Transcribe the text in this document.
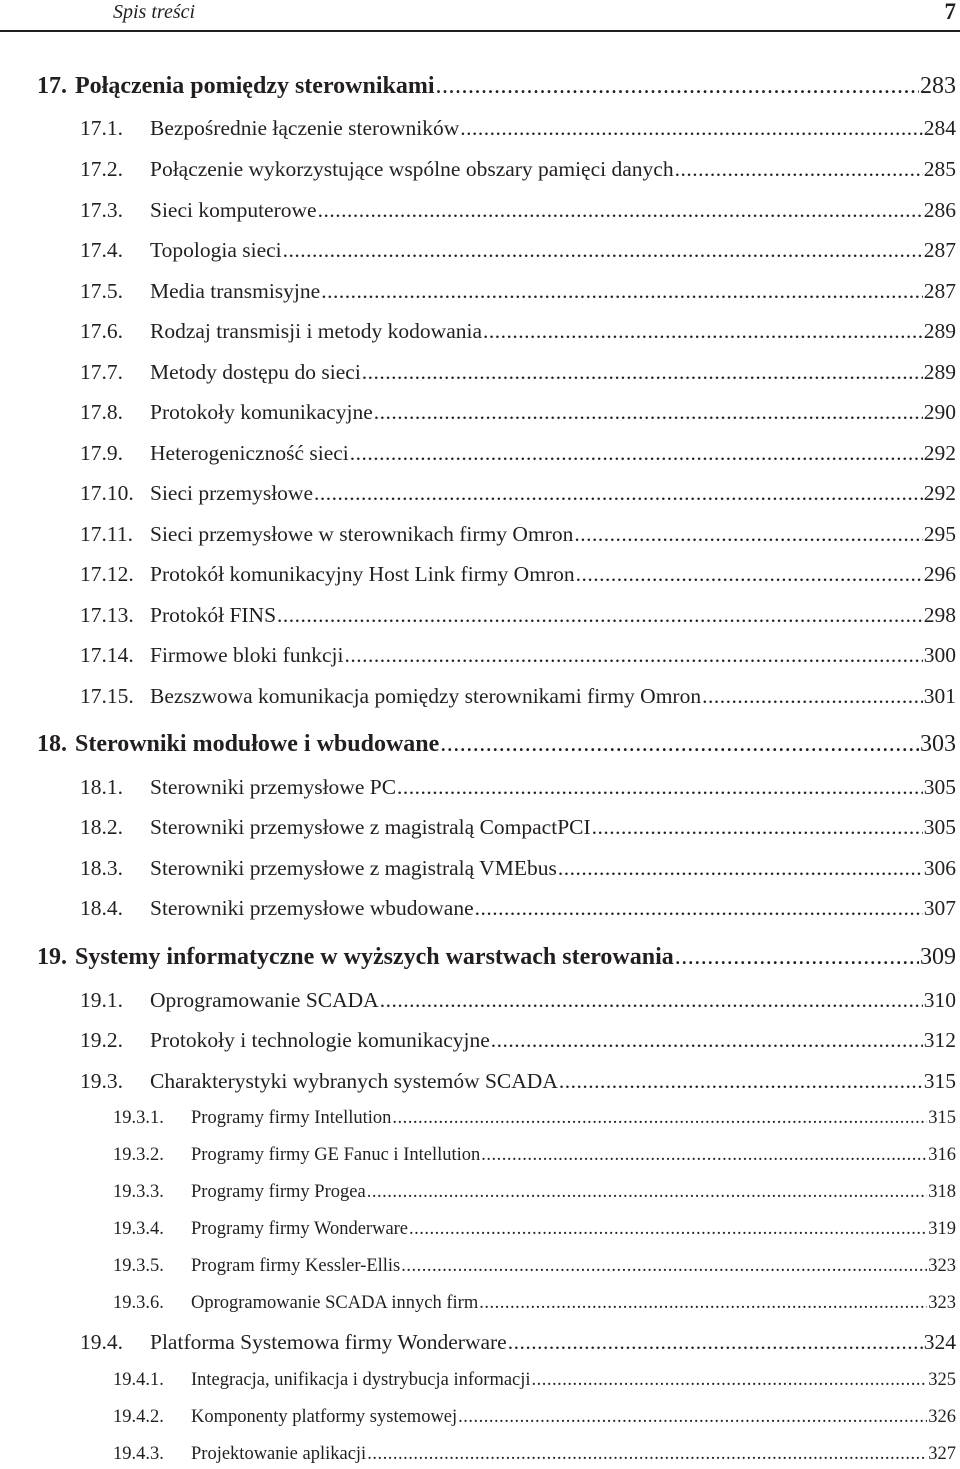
Spis treści	7
17. Połączenia pomiędzy sterownikami .....	283
17.1.	Bezpośrednie łączenie sterowników .....	284
17.2.	Połączenie wykorzystujące wspólne obszary pamięci danych .....	285
17.3.	Sieci komputerowe .....	286
17.4.	Topologia sieci .....	287
17.5.	Media transmisyjne .....	287
17.6.	Rodzaj transmisji i metody kodowania .....	289
17.7.	Metody dostępu do sieci .....	289
17.8.	Protokoły komunikacyjne .....	290
17.9.	Heterogeniczność sieci .....	292
17.10. Sieci przemysłowe .....	292
17.11. Sieci przemysłowe w sterownikach firmy Omron .....	295
17.12. Protokół komunikacyjny Host Link firmy Omron .....	296
17.13. Protokół FINS .....	298
17.14. Firmowe bloki funkcji .....	300
17.15. Bezszwowa komunikacja pomiędzy sterownikami firmy Omron .....	301
18. Sterowniki modułowe i wbudowane .....	303
18.1.	Sterowniki przemysłowe PC .....	305
18.2.	Sterowniki przemysłowe z magistralą CompactPCI .....	305
18.3.	Sterowniki przemysłowe z magistralą VMEbus .....	306
18.4.	Sterowniki przemysłowe wbudowane .....	307
19. Systemy informatyczne w wyższych warstwach sterowania .....	309
19.1.	Oprogramowanie SCADA .....	310
19.2.	Protokoły i technologie komunikacyjne .....	312
19.3.	Charakterystyki wybranych systemów SCADA .....	315
19.3.1.	Programy firmy Intellution .....	315
19.3.2.	Programy firmy GE Fanuc i Intellution .....	316
19.3.3.	Programy firmy Progea .....	318
19.3.4.	Programy firmy Wonderware .....	319
19.3.5.	Program firmy Kessler-Ellis .....	323
19.3.6.	Oprogramowanie SCADA innych firm .....	323
19.4.	Platforma Systemowa firmy Wonderware .....	324
19.4.1.	Integracja, unifikacja i dystrybucja informacji .....	325
19.4.2.	Komponenty platformy systemowej .....	326
19.4.3.	Projektowanie aplikacji .....	327
